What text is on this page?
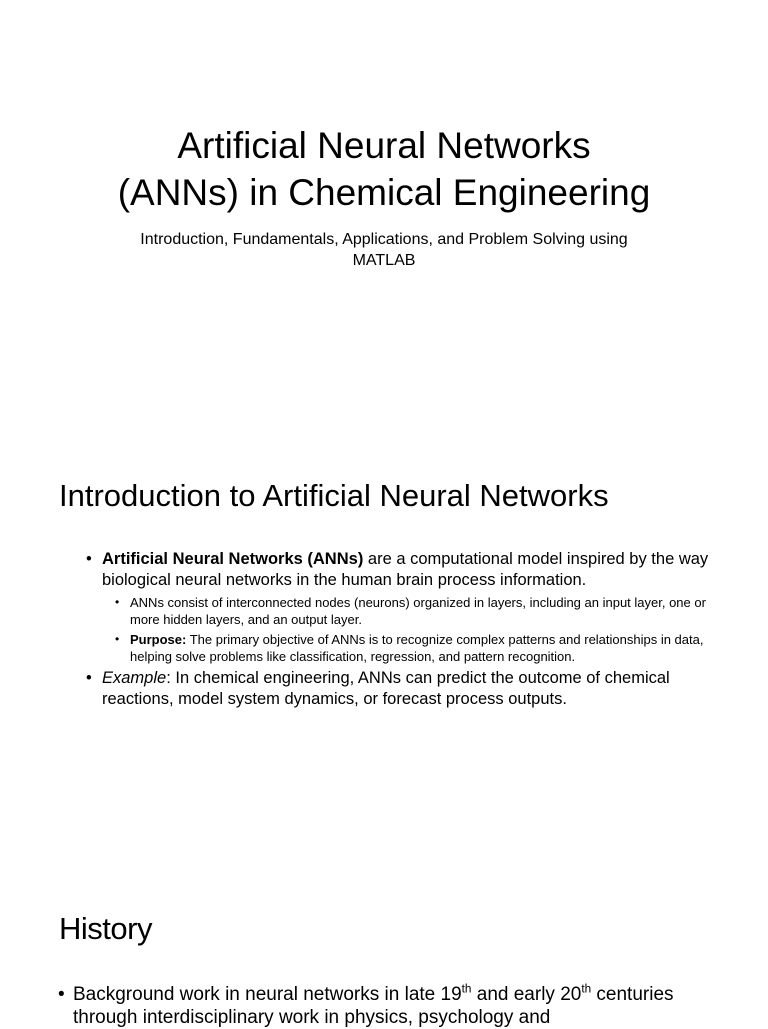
Artificial Neural Networks
(ANNs) in Chemical Engineering
Introduction, Fundamentals, Applications, and Problem Solving using
MATLAB
Introduction to Artificial Neural Networks
• Artificial Neural Networks (ANNs) are a computational model inspired by the way biological neural networks in the human brain process information.
• ANNs consist of interconnected nodes (neurons) organized in layers, including an input layer, one or more hidden layers, and an output layer.
• Purpose: The primary objective of ANNs is to recognize complex patterns and relationships in data, helping solve problems like classification, regression, and pattern recognition.
• Example: In chemical engineering, ANNs can predict the outcome of chemical reactions, model system dynamics, or forecast process outputs.
History
• Background work in neural networks in late 19th and early 20th centuries through interdisciplinary work in physics, psychology and
